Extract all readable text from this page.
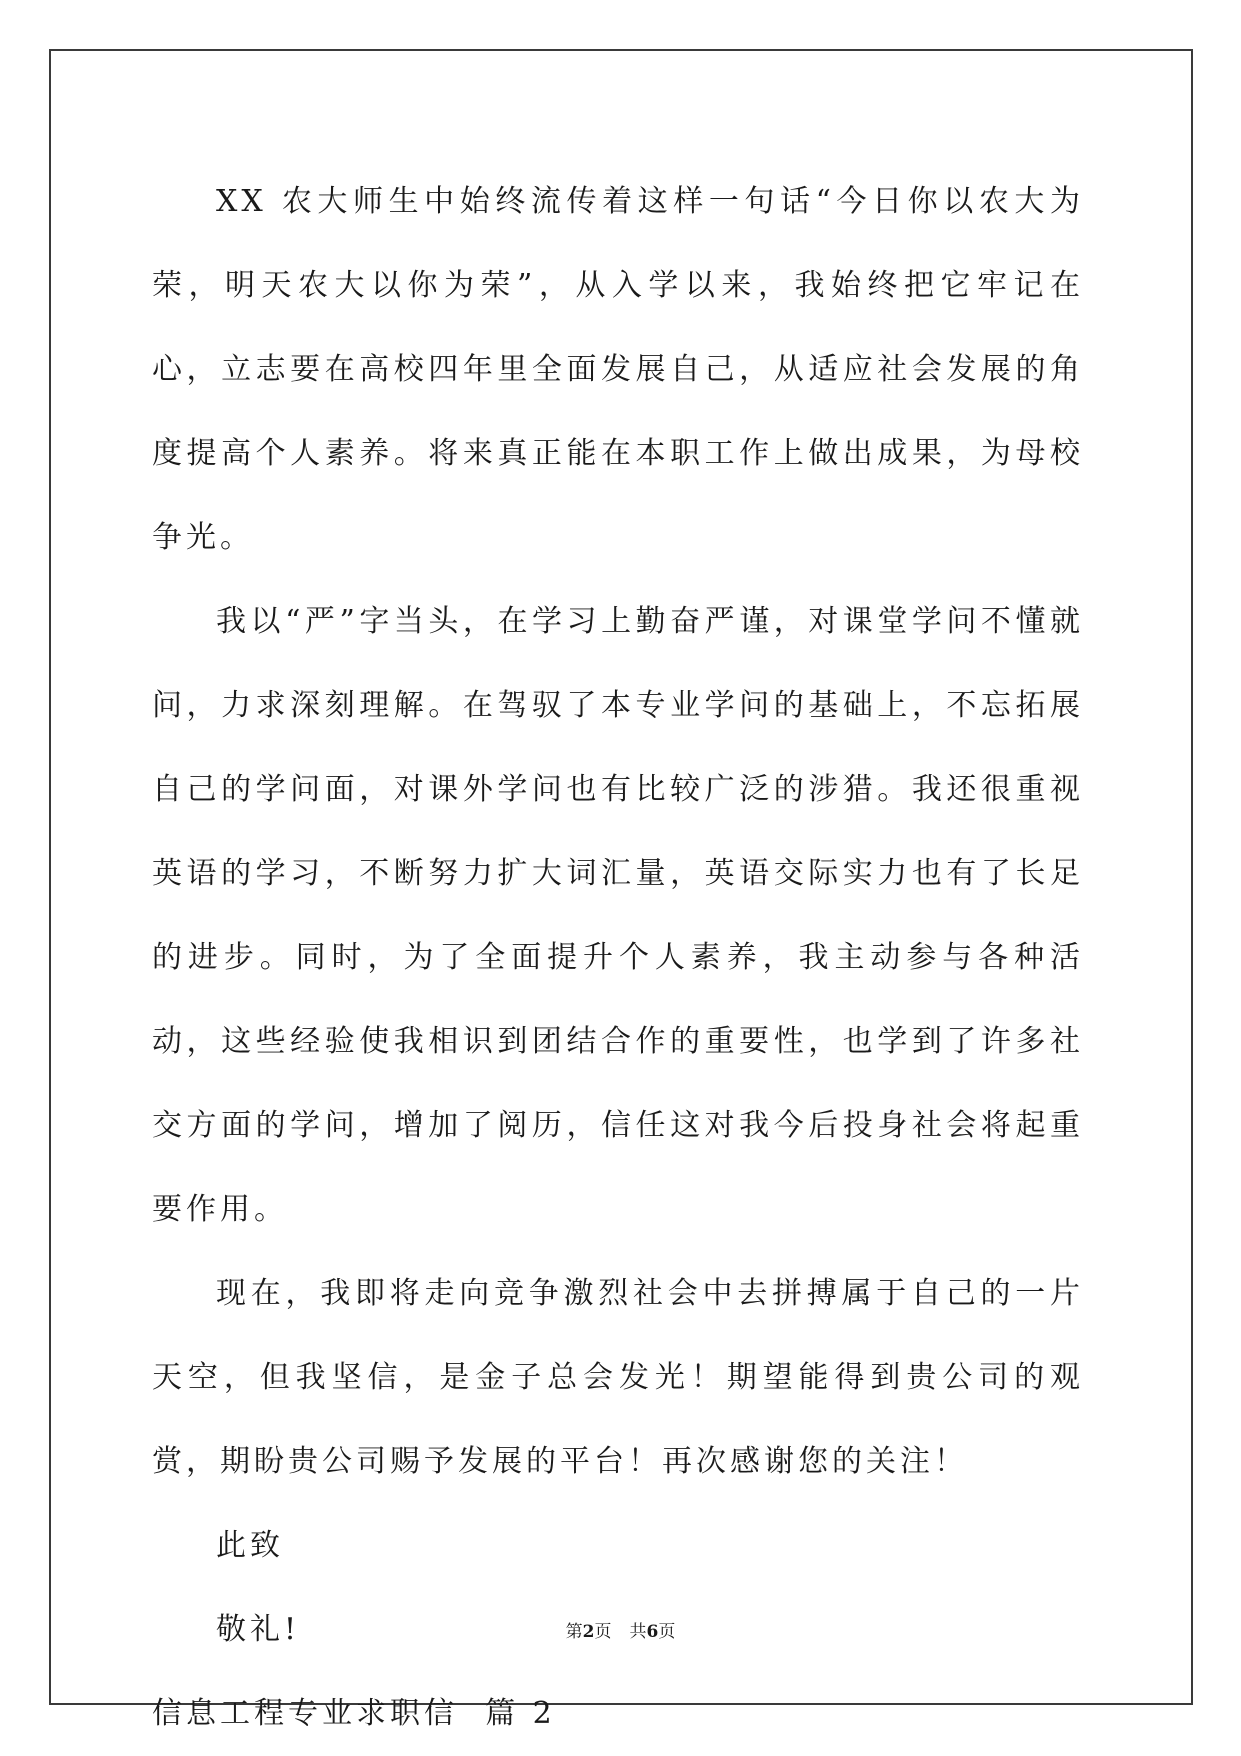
XX 农大师生中始终流传着这样一句话“今日你以农大为荣，明天农大以你为荣”，从入学以来，我始终把它牢记在心，立志要在高校四年里全面发展自己，从适应社会发展的角度提高个人素养。将来真正能在本职工作上做出成果，为母校争光。

我以“严”字当头，在学习上勤奋严谨，对课堂学问不懂就问，力求深刻理解。在驾驭了本专业学问的基础上，不忘拓展自己的学问面，对课外学问也有比较广泛的涉猎。我还很重视英语的学习，不断努力扩大词汇量，英语交际实力也有了长足的进步。同时，为了全面提升个人素养，我主动参与各种活动，这些经验使我相识到团结合作的重要性，也学到了许多社交方面的学问，增加了阅历，信任这对我今后投身社会将起重要作用。

现在，我即将走向竞争激烈社会中去拼搏属于自己的一片天空，但我坚信，是金子总会发光！期望能得到贵公司的观赏，期盼贵公司赐予发展的平台！再次感谢您的关注！

此致

敬礼!

信息工程专业求职信  篇 2

第2页 共6页
